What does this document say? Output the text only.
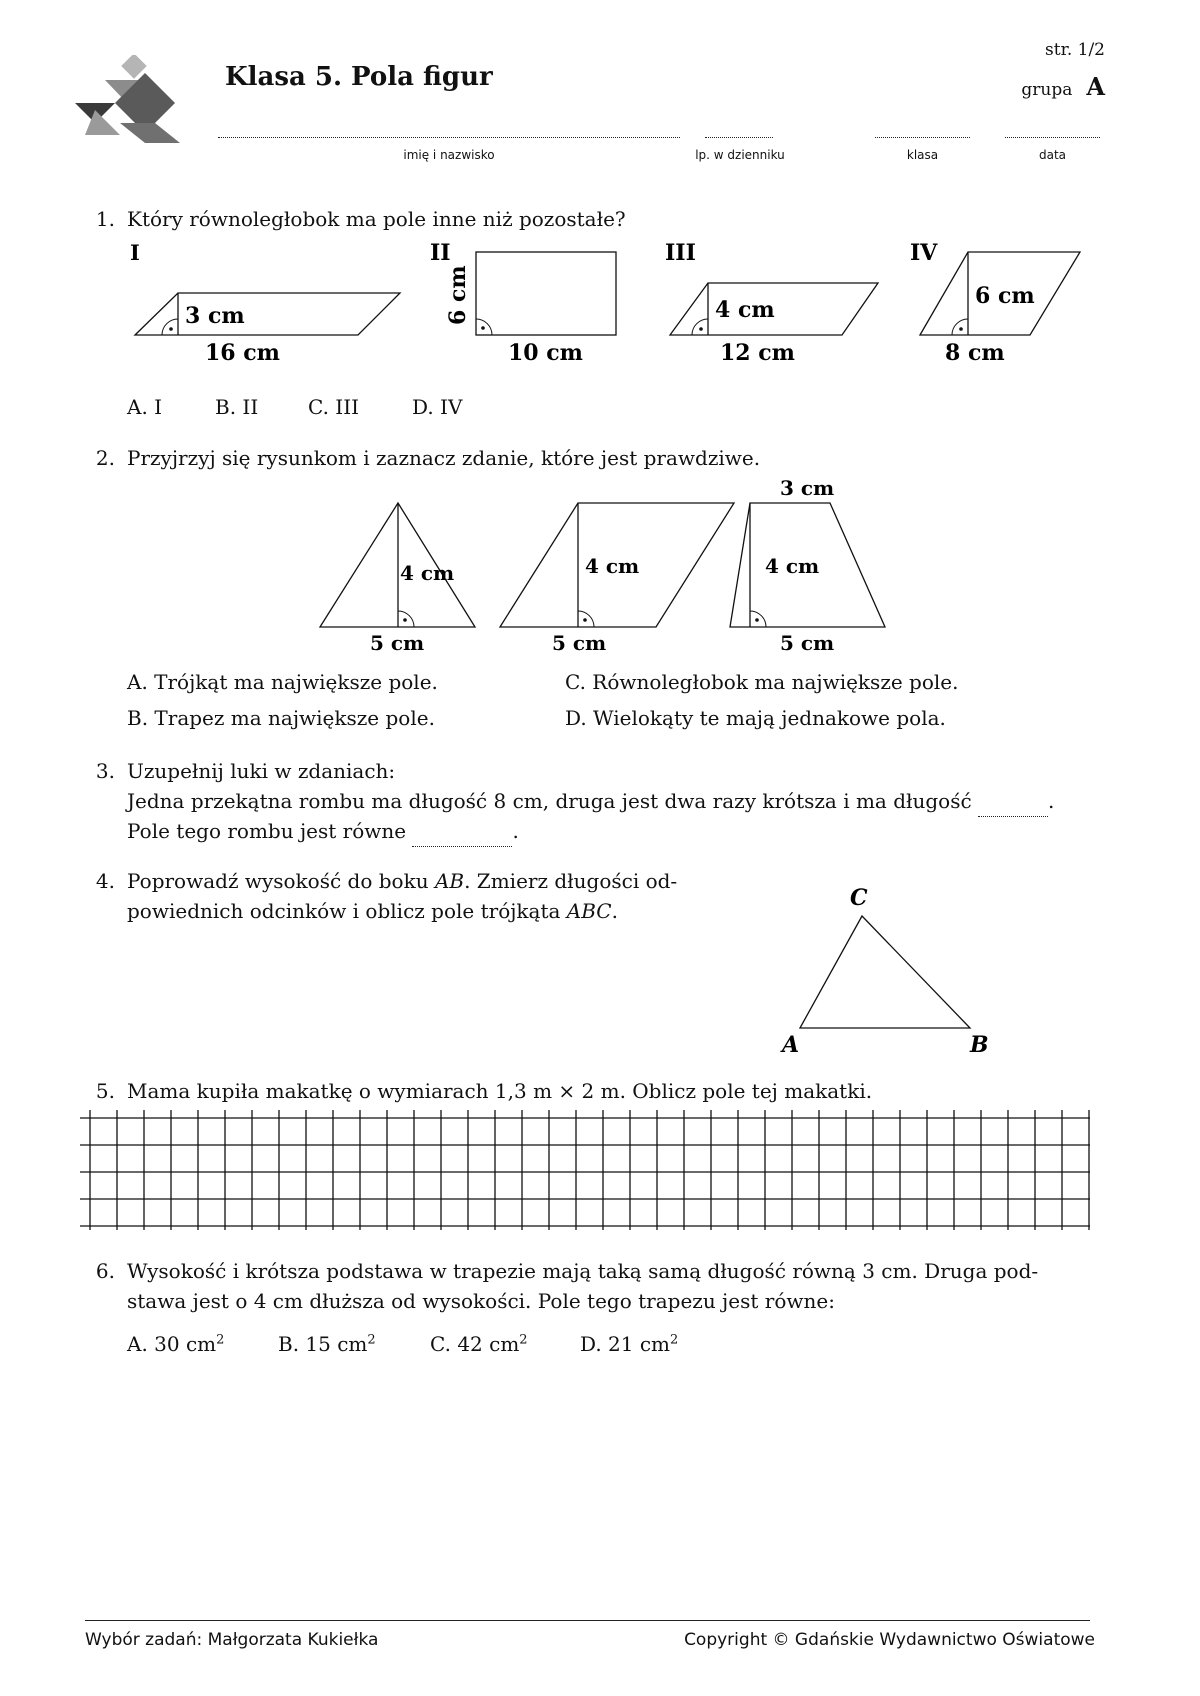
Klasa 5. Pola figur
str. 1/2
grupa A
imię i nazwisko	lp. w dzienniku	klasa	data
1. Który równoległobok ma pole inne niż pozostałe?
I
3 cm
16 cm
II
6 cm
10 cm
III
4 cm
12 cm
IV
6 cm
8 cm
A. I	B. II C. III	D. IV
2. Przyjrzyj się rysunkom i zaznacz zdanie, które jest prawdziwe.
4 cm
5 cm
4 cm
5 cm
3 cm
4 cm
5 cm
A. Trójkąt ma największe pole.	C. Równoległobok ma największe pole.
B. Trapez ma największe pole.	D. Wielokąty te mają jednakowe pola.
3. Uzupełnij luki w zdaniach:
Jedna przekątna rombu ma długość 8 cm, druga jest dwa razy krótsza i ma długość	.
Pole tego rombu jest równe	.
4. Poprowadź wysokość do boku AB. Zmierz długości od-
powiednich odcinków i oblicz pole trójkąta ABC.	C
A	B
5. Mama kupiła makatkę o wymiarach 1,3 m × 2 m. Oblicz pole tej makatki.
6. Wysokość i krótsza podstawa w trapezie mają taką samą długość równą 3 cm. Druga pod-
stawa jest o 4 cm dłuższa od wysokości. Pole tego trapezu jest równe:
A. 30 $cm^2$	B. 15 $cm^2$	C. 42 $cm^2$	D. 21 $cm^2$
Wybór zadań: Małgorzata Kukiełka	Copyright © Gdańskie Wydawnictwo Oświatowe
